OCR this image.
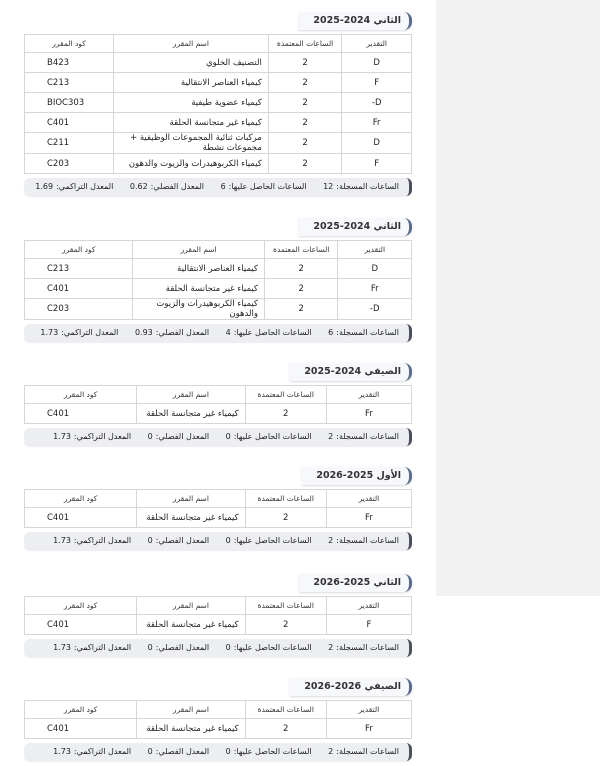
الثاني 2024-2025
التقدير	الساعات المعتمدة	اسم المقرر	كود المقرر
D	2	التصنيف الخلوي	B423
F	2	كيمياء العناصر الانتقالية	C213
D-	2	كيمياء عضوية طيفية	BIOC303
Fr	2	كيمياء غير متجانسة الحلقة	C401
D	2	مركبات ثنائية المجموعات الوظيفية + مجموعات نشطة	C211
F	2	كيمياء الكربوهيدرات والزيوت والدهون	C203
الساعات المسجلة:12 الساعات الحاصل عليها:6 المعدل الفصلي:0.62 المعدل التراكمي:1.69
الثاني 2024-2025
التقدير	الساعات المعتمدة	اسم المقرر	كود المقرر
D	2	كيمياء العناصر الانتقالية	C213
Fr	2	كيمياء غير متجانسة الحلقة	C401
D-	2	كيمياء الكربوهيدرات والزيوت والدهون	C203
الساعات المسجلة:6 الساعات الحاصل عليها:4 المعدل الفصلي:0.93 المعدل التراكمي:1.73
الصيفي 2024-2025
التقدير	الساعات المعتمدة	اسم المقرر	كود المقرر
Fr	2	كيمياء غير متجانسة الحلقة	C401
الساعات المسجلة:2 الساعات الحاصل عليها:0 المعدل الفصلي:0 المعدل التراكمي:1.73
الأول 2025-2026
التقدير	الساعات المعتمدة	اسم المقرر	كود المقرر
Fr	2	كيمياء غير متجانسة الحلقة	C401
الساعات المسجلة:2 الساعات الحاصل عليها:0 المعدل الفصلي:0 المعدل التراكمي:1.73
الثاني 2025-2026
التقدير	الساعات المعتمدة	اسم المقرر	كود المقرر
F	2	كيمياء غير متجانسة الحلقة	C401
الساعات المسجلة:2 الساعات الحاصل عليها:0 المعدل الفصلي:0 المعدل التراكمي:1.73
الصيفي 2026-2026
التقدير	الساعات المعتمدة	اسم المقرر	كود المقرر
Fr	2	كيمياء غير متجانسة الحلقة	C401
الساعات المسجلة:2 الساعات الحاصل عليها:0 المعدل الفصلي:0 المعدل التراكمي:1.73
